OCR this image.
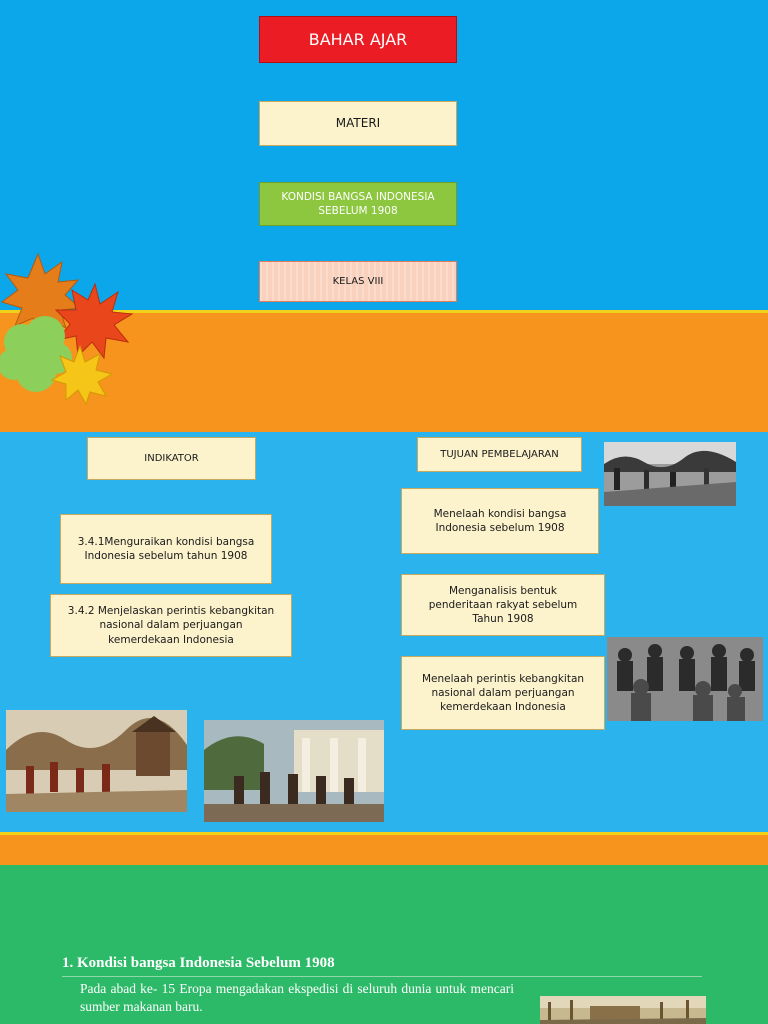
BAHAR AJAR
MATERI
KONDISI BANGSA INDONESIA
SEBELUM 1908
KELAS VIII
INDIKATOR	TUJUAN PEMBELAJARAN
3.4.1Menguraikan kondisi bangsa
Indonesia sebelum tahun 1908
3.4.2 Menjelaskan perintis kebangkitan
nasional dalam perjuangan
kemerdekaan Indonesia
Menelaah kondisi bangsa
Indonesia sebelum 1908
Menganalisis bentuk
penderitaan rakyat sebelum
Tahun 1908
Menelaah perintis kebangkitan
nasional dalam perjuangan
kemerdekaan Indonesia
1. Kondisi bangsa Indonesia Sebelum 1908
Pada abad ke- 15 Eropa mengadakan ekspedisi di seluruh dunia untuk mencari sumber makanan baru.
